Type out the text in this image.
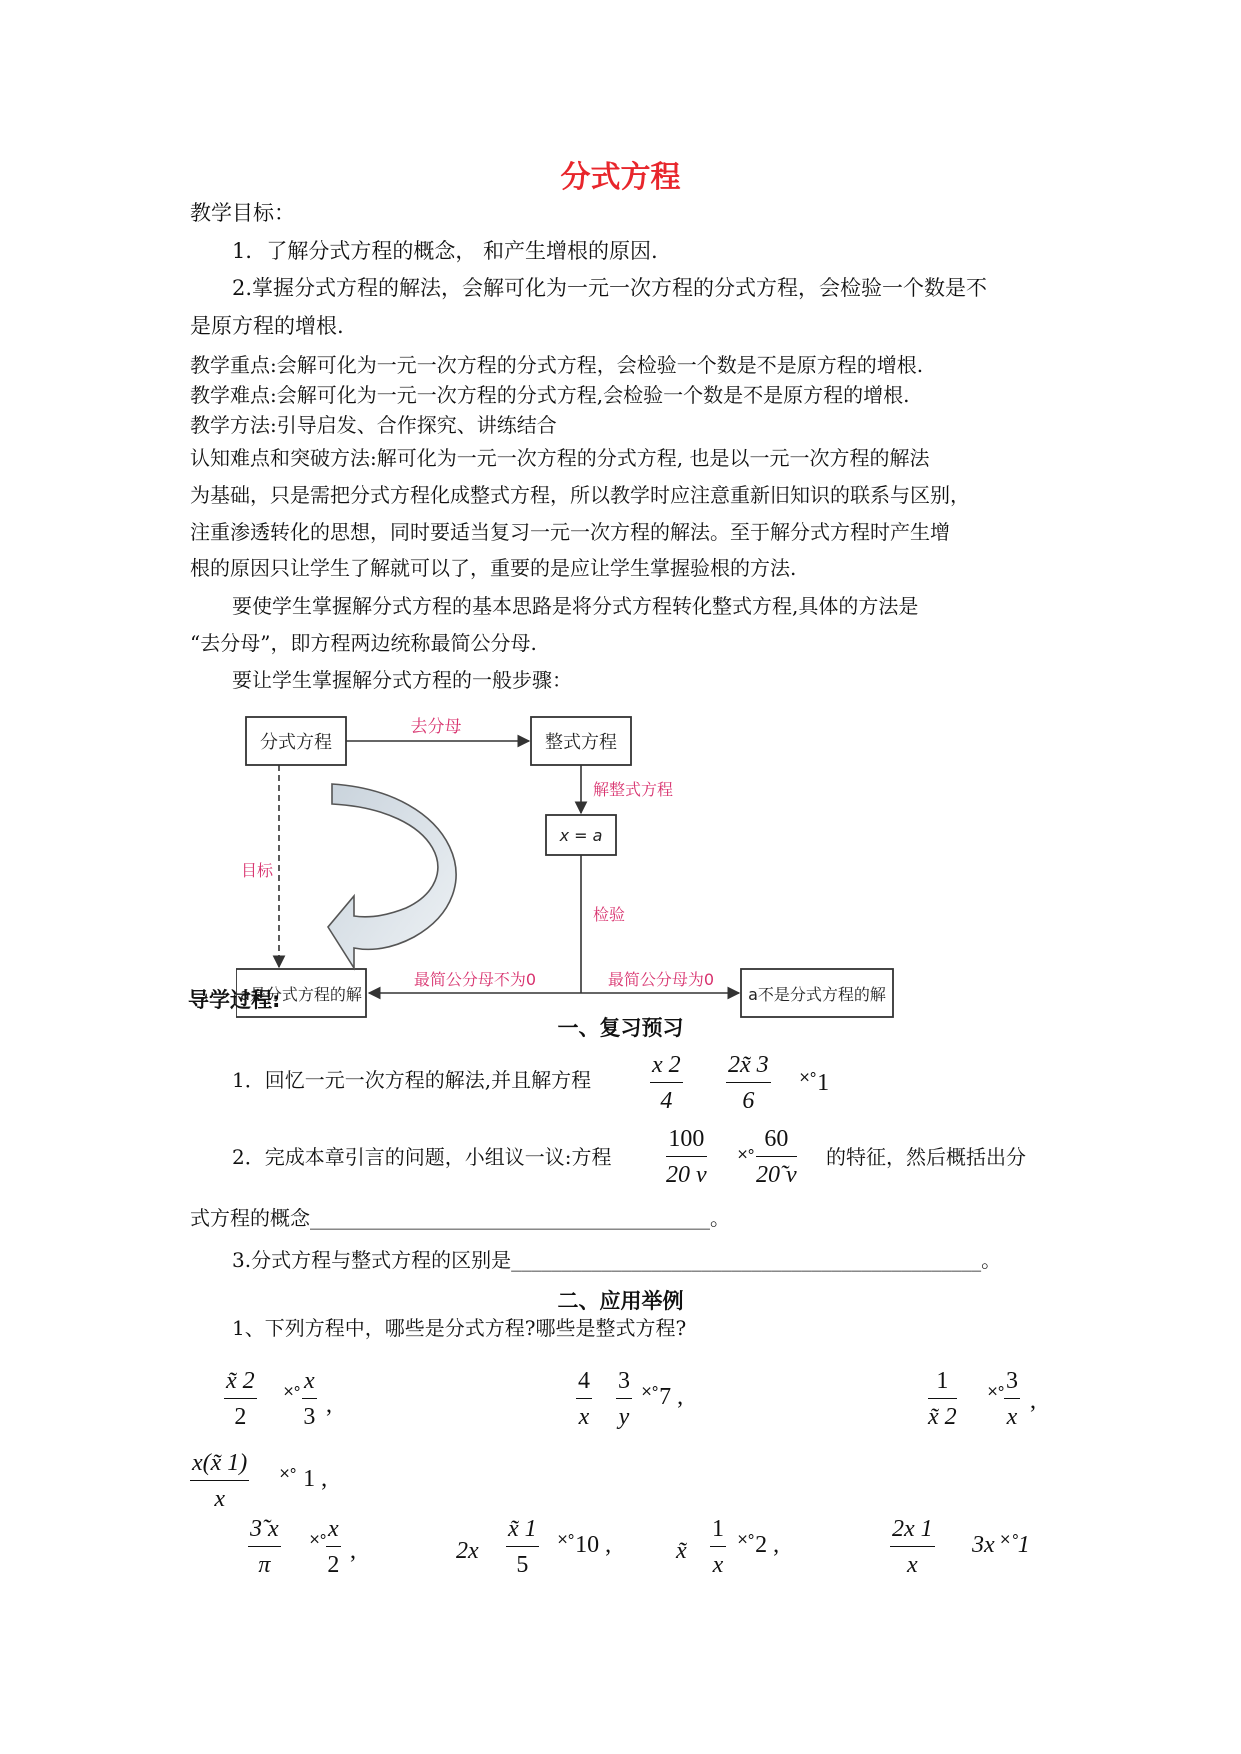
分式方程
教学目标：
1．了解分式方程的概念， 和产生增根的原因.
2.掌握分式方程的解法，会解可化为一元一次方程的分式方程，会检验一个数是不
是原方程的增根.
教学重点:会解可化为一元一次方程的分式方程，会检验一个数是不是原方程的增根.
教学难点:会解可化为一元一次方程的分式方程,会检验一个数是不是原方程的增根.
教学方法:引导启发、合作探究、讲练结合
认知难点和突破方法:解可化为一元一次方程的分式方程, 也是以一元一次方程的解法
为基础，只是需把分式方程化成整式方程，所以教学时应注意重新旧知识的联系与区别，
注重渗透转化的思想，同时要适当复习一元一次方程的解法。至于解分式方程时产生增
根的原因只让学生了解就可以了，重要的是应让学生掌握验根的方法.
要使学生掌握解分式方程的基本思路是将分式方程转化整式方程,具体的方法是
“去分母”，即方程两边统称最简公分母.
要让学生掌握解分式方程的一般步骤：
分式方程	整式方程
x = a
a是分式方程的解	a不是分式方程的解
去分母
解整式方程
检验
最简公分母不为0	最简公分母为0
目标
导学过程:
一、复习预习
1．回忆一元一次方程的解法,并且解方程
x 2
4
2x̃ 3
6
˟˚1
2．完成本章引言的问题，小组议一议:方程
100
20 v
˟˚
60
20̃ v
的特征，然后概括出分
式方程的概念________________________________________。
3.分式方程与整式方程的区别是_______________________________________________。
二、应用举例
1、下列方程中，哪些是分式方程?哪些是整式方程?
x̃ 2
2
˟˚
x
3 ,
4
x
3
y
˟˚7 ,
1
x̃ 2
˟˚
3
x
,
x(x̃ 1)
x
˟˚ 1 ,
3̃ x
π
˟˚
x
2
,	2x
x̃ 1
5
˟˚10 ,	x̃
1
x
˟˚2 ,
2x 1
x
3x ˟˚1
